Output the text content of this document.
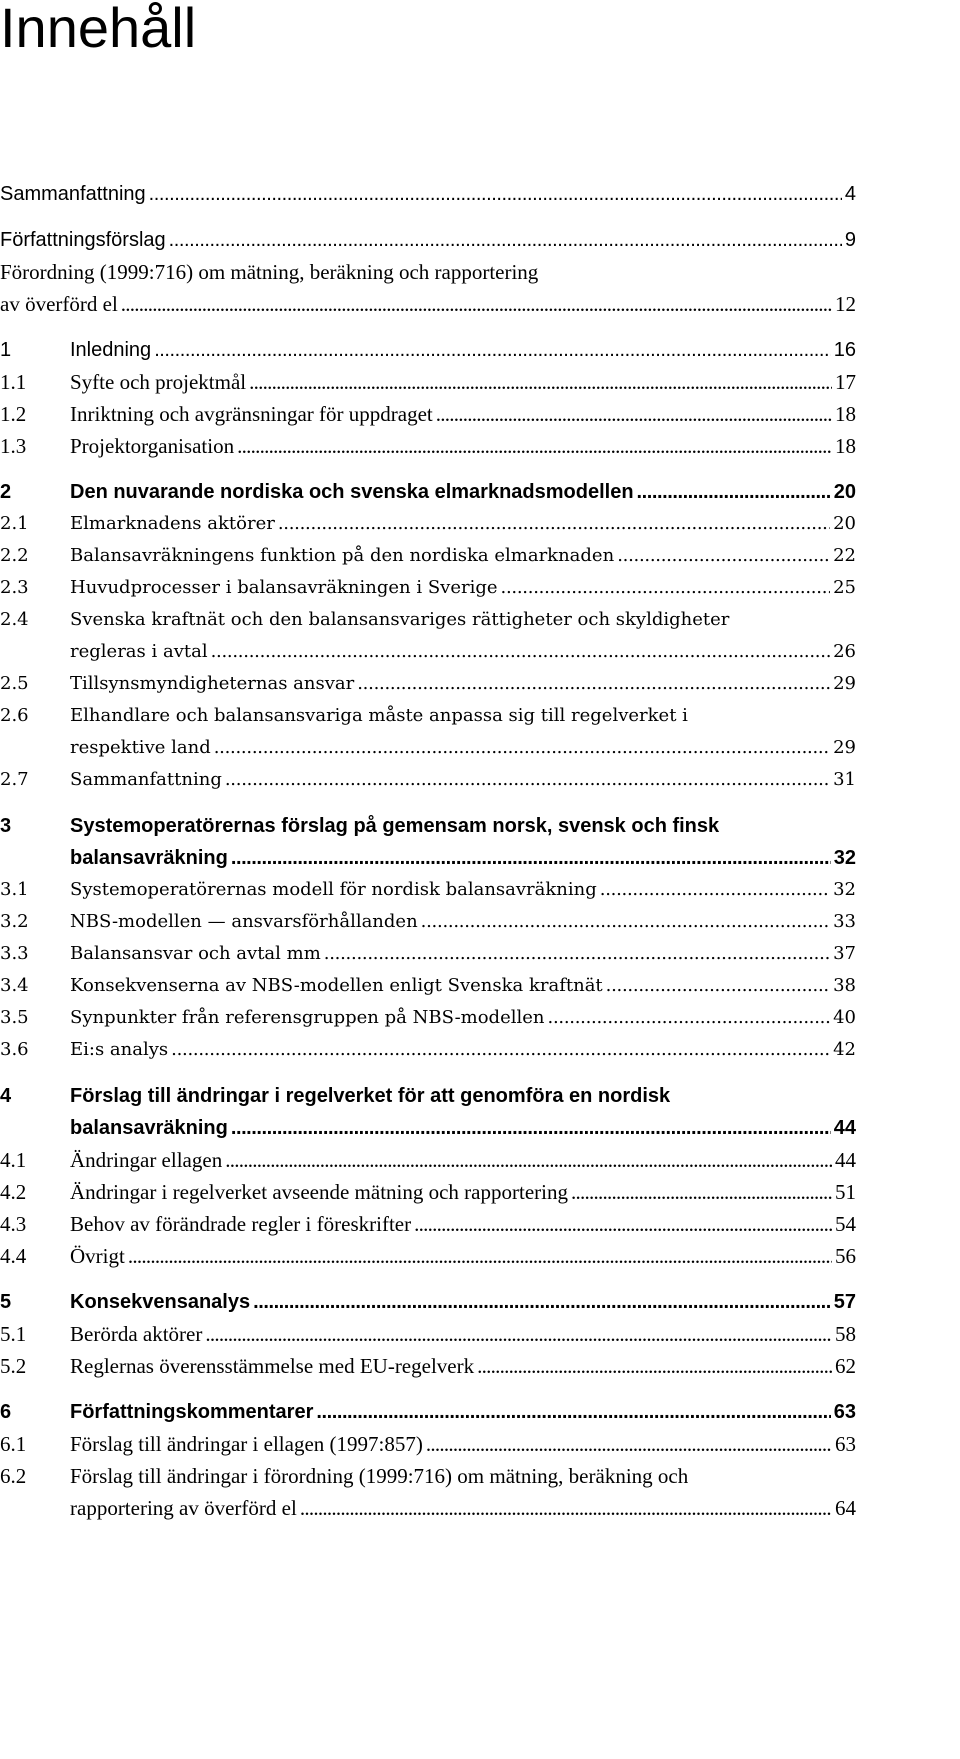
Innehåll
Sammanfattning . . .	4
Författningsförslag . . .	9
Förordning (1999:716) om mätning, beräkning och rapportering
av överförd el . . .	12
1	Inledning . . .	16
1.1 Syfte och projektmål . . .	17
1.2 Inriktning och avgränsningar för uppdraget . . .	18
1.3 Projektorganisation . . .	18
2	Den nuvarande nordiska och svenska elmarknadsmodellen . . .	20
2.1 Elmarknadens aktörer . . .	20
2.2 Balansavräkningens funktion på den nordiska elmarknaden . . .	22
2.3 Huvudprocesser i balansavräkningen i Sverige . . .	25
2.4 Svenska kraftnät och den balansansvariges rättigheter och skyldigheter
regleras i avtal . . .	26
2.5 Tillsynsmyndigheternas ansvar . . .	29
2.6 Elhandlare och balansansvariga måste anpassa sig till regelverket i
respektive land . . .	29
2.7 Sammanfattning . . .	31
3	Systemoperatörernas förslag på gemensam norsk, svensk och finsk
balansavräkning . . .	32
3.1 Systemoperatörernas modell för nordisk balansavräkning . . .	32
3.2 NBS-modellen — ansvarsförhållanden . . .	33
3.3 Balansansvar och avtal mm . . .	37
3.4 Konsekvenserna av NBS-modellen enligt Svenska kraftnät . . .	38
3.5 Synpunkter från referensgruppen på NBS-modellen . . .	40
3.6 Ei:s analys . . .	42
4	Förslag till ändringar i regelverket för att genomföra en nordisk
balansavräkning . . .	44
4.1 Ändringar ellagen . . .	44
4.2 Ändringar i regelverket avseende mätning och rapportering . . .	51
4.3 Behov av förändrade regler i föreskrifter . . .	54
4.4 Övrigt . . .	56
5	Konsekvensanalys . . .	57
5.1 Berörda aktörer . . .	58
5.2 Reglernas överensstämmelse med EU-regelverk . . .	62
6	Författningskommentarer . . .	63
6.1 Förslag till ändringar i ellagen (1997:857) . . .	63
6.2 Förslag till ändringar i förordning (1999:716) om mätning, beräkning och
rapportering av överförd el . . .	64
